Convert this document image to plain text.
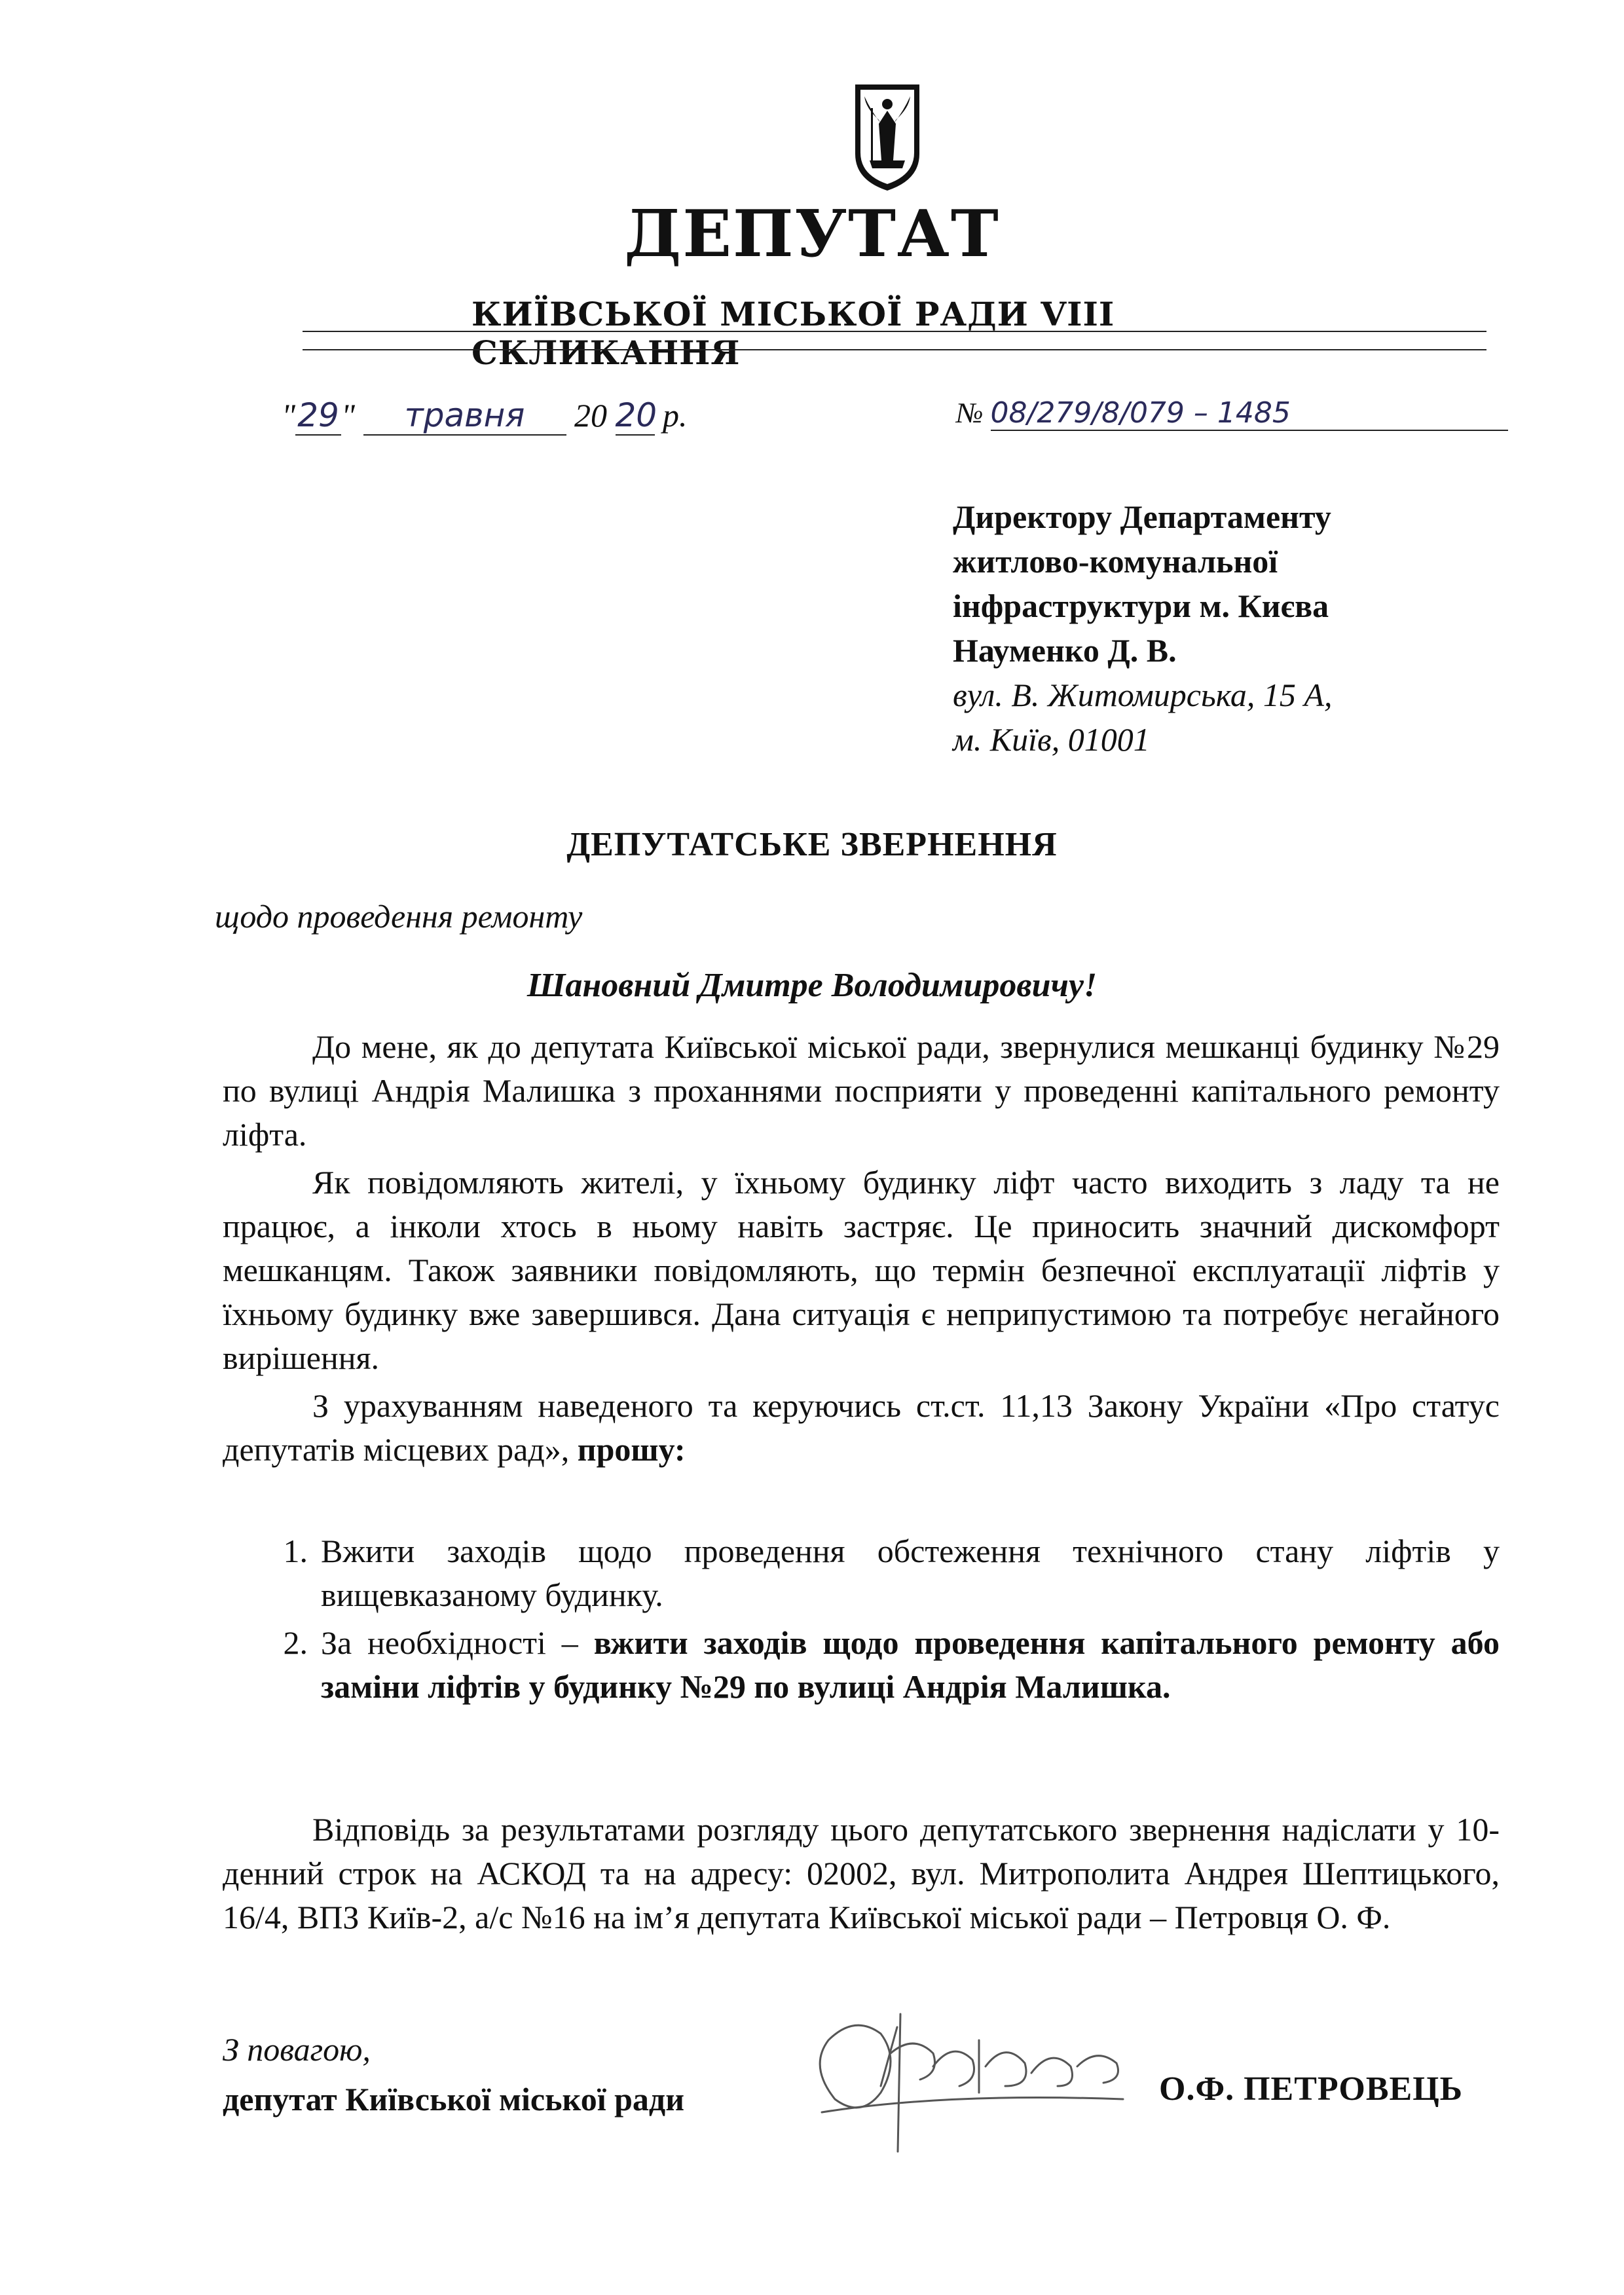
ДЕПУТАТ
КИЇВСЬКОЇ МІСЬКОЇ РАДИ VIII СКЛИКАННЯ
"29" травня 20 20 р.	№ 08/279/8/079 – 1485
Директору Департаменту
житлово-комунальної
інфраструктури м. Києва
Науменко Д. В.
вул. В. Житомирська, 15 А,
м. Київ, 01001
ДЕПУТАТСЬКЕ ЗВЕРНЕННЯ
щодо проведення ремонту
Шановний Дмитре Володимировичу!

До мене, як до депутата Київської міської ради, звернулися мешканці будинку №29 по вулиці Андрія Малишка з проханнями посприяти у проведенні капітального ремонту ліфта.

Як повідомляють жителі, у їхньому будинку ліфт часто виходить з ладу та не працює, а інколи хтось в ньому навіть застряє. Це приносить значний дискомфорт мешканцям. Також заявники повідомляють, що термін безпечної експлуатації ліфтів у їхньому будинку вже завершився. Дана ситуація є неприпустимою та потребує негайного вирішення.

З урахуванням наведеного та керуючись ст.ст. 11,13 Закону України «Про статус депутатів місцевих рад», прошу:

1. Вжити заходів щодо проведення обстеження технічного стану ліфтів у вищевказаному будинку.
2. За необхідності – вжити заходів щодо проведення капітального ремонту або заміни ліфтів у будинку №29 по вулиці Андрія Малишка.

Відповідь за результатами розгляду цього депутатського звернення надіслати у 10-денний строк на АСКОД та на адресу: 02002, вул. Митрополита Андрея Шептицького, 16/4, ВПЗ Київ-2, а/с №16 на ім’я депутата Київської міської ради – Петровця О. Ф.

З повагою,
депутат Київської міської ради	О.Ф. ПЕТРОВЕЦЬ
